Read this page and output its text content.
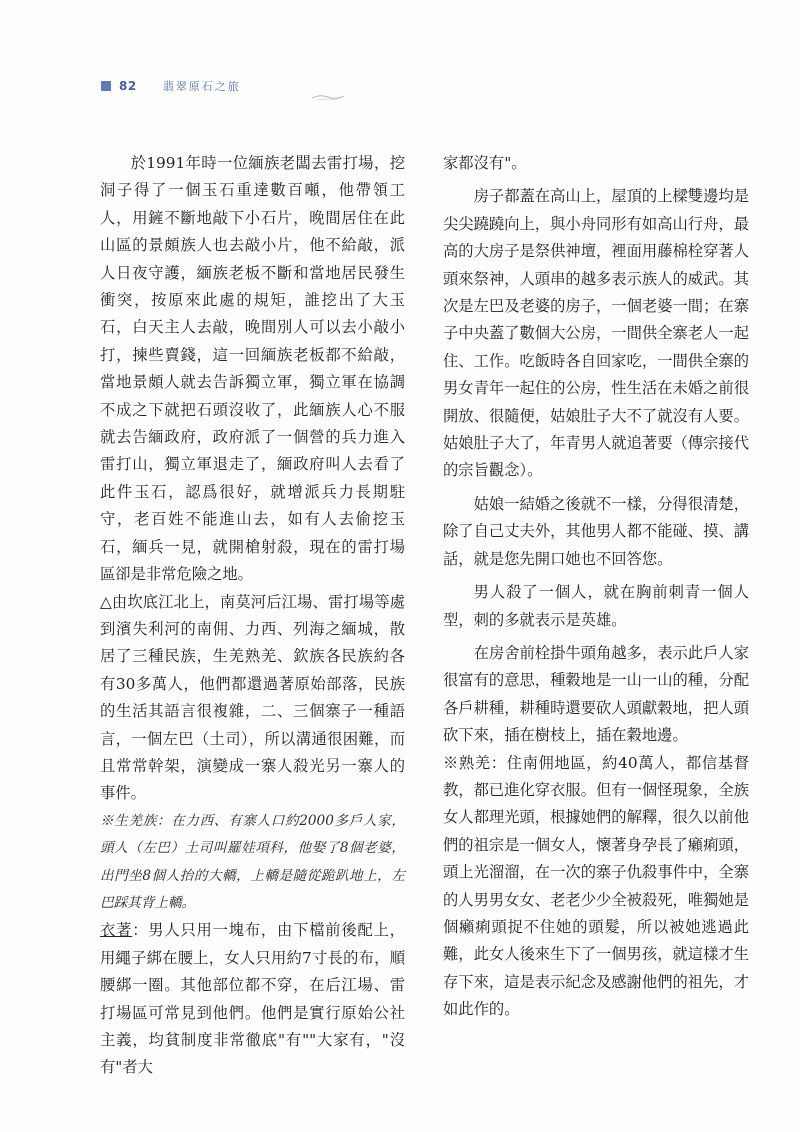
82 翡翠原石之旅

於1991年時一位緬族老闆去雷打場，挖洞子得了一個玉石重達數百噸，他帶領工人，用鏟不斷地敲下小石片，晚間居住在此山區的景頗族人也去敲小片，他不給敲，派人日夜守護，緬族老板不斷和當地居民發生衝突，按原來此處的規矩，誰挖出了大玉石，白天主人去敲，晚間別人可以去小敲小打，揀些賣錢，這一回緬族老板都不給敲，當地景頗人就去告訴獨立軍，獨立軍在協調不成之下就把石頭沒收了，此緬族人心不服就去告緬政府，政府派了一個營的兵力進入雷打山，獨立軍退走了，緬政府叫人去看了此件玉石，認爲很好，就增派兵力長期駐守，老百姓不能進山去，如有人去偷挖玉石，緬兵一見，就開槍射殺，現在的雷打場區卻是非常危險之地。

△由坎底江北上，南莫河后江場、雷打場等處到濱失利河的南佣、力西、列海之緬城，散居了三種民族，生羌熟羌、欽族各民族約各有30多萬人，他們都還過著原始部落，民族的生活其語言很複雜，二、三個寨子一種語言，一個左巴（土司），所以溝通很困難，而且常常幹架，演變成一寨人殺光另一寨人的事件。

※生羌族：在力西、有寨人口約2000多戶人家，頭人（左巴）土司叫羅娃項科，他娶了8個老婆，出門坐8個人抬的大轎，上轎是隨從跪趴地上，左巴踩其背上轎。

衣著：男人只用一塊布，由下檔前後配上，用繩子綁在腰上，女人只用約7寸長的布，順腰綁一圈。其他部位都不穿，在后江場、雷打場區可常見到他們。他們是實行原始公社主義，均貧制度非常徹底"有""大家有，"沒有"者大

家都沒有"。

房子都蓋在高山上，屋頂的上樑雙邊均是尖尖蹺蹺向上，與小舟同形有如高山行舟，最高的大房子是祭供神壇，裡面用藤棉栓穿著人頭來祭神，人頭串的越多表示族人的威武。其次是左巴及老婆的房子，一個老婆一間；在寨子中央蓋了數個大公房，一間供全寨老人一起住、工作。吃飯時各自回家吃，一間供全寨的男女青年一起住的公房，性生活在未婚之前很開放、很隨便，姑娘肚子大不了就沒有人要。姑娘肚子大了，年青男人就追著要（傳宗接代的宗旨觀念）。

姑娘一結婚之後就不一樣，分得很清楚，除了自己丈夫外，其他男人都不能碰、摸、講話，就是您先開口她也不回答您。

男人殺了一個人，就在胸前刺青一個人型，刺的多就表示是英雄。

在房舍前栓掛牛頭角越多，表示此戶人家很富有的意思，種穀地是一山一山的種，分配各戶耕種，耕種時還要砍人頭獻穀地，把人頭砍下來，插在樹枝上，插在穀地邊。

※熟羌：住南佣地區，約40萬人，都信基督教，都已進化穿衣服。但有一個怪現象，全族女人都理光頭，根據她們的解釋，很久以前他們的祖宗是一個女人，懷著身孕長了癩痢頭，頭上光溜溜，在一次的寨子仇殺事件中，全寨的人男男女女、老老少少全被殺死，唯獨她是個癩痢頭捉不住她的頭髮，所以被她逃過此難，此女人後來生下了一個男孩，就這樣才生存下來，這是表示紀念及感謝他們的祖先，才如此作的。
